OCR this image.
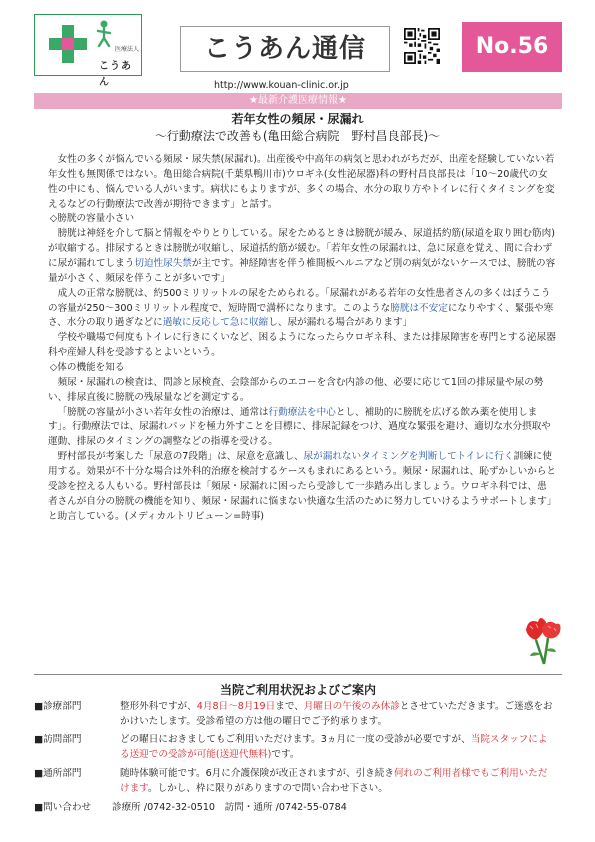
医療法人
こうあん
こうあん通信	No.56
http://www.kouan-clinic.or.jp
★最新介護医療情報★
若年女性の頻尿・尿漏れ
～行動療法で改善も(亀田総合病院　野村昌良部長)～

女性の多くが悩んでいる頻尿・尿失禁(尿漏れ)。出産後や中高年の病気と思われがちだが、出産を経験していない若年女性も無関係ではない。亀田総合病院(千葉県鴨川市)ウロギネ(女性泌尿器)科の野村昌良部長は「10～20歳代の女性の中にも、悩んでいる人がいます。病状にもよりますが、多くの場合、水分の取り方やトイレに行くタイミングを変えるなどの行動療法で改善が期待できます」と話す。

◇膀胱の容量小さい

膀胱は神経を介して脳と情報をやりとりしている。尿をためるときは膀胱が緩み、尿道括約筋(尿道を取り囲む筋肉)が収縮する。排尿するときは膀胱が収縮し、尿道括約筋が緩む。「若年女性の尿漏れは、急に尿意を覚え、間に合わずに尿が漏れてしまう切迫性尿失禁が主です。神経障害を伴う椎間板ヘルニアなど別の病気がないケースでは、膀胱の容量が小さく、頻尿を伴うことが多いです」

成人の正常な膀胱は、約500ミリリットルの尿をためられる。「尿漏れがある若年の女性患者さんの多くはぼうこうの容量が250～300ミリリットル程度で、短時間で満杯になります。このような膀胱は不安定になりやすく、緊張や寒さ、水分の取り過ぎなどに過敏に反応して急に収縮し、尿が漏れる場合があります」

学校や職場で何度もトイレに行きにくいなど、困るようになったらウロギネ科、または排尿障害を専門とする泌尿器科や産婦人科を受診するとよいという。

◇体の機能を知る

頻尿・尿漏れの検査は、問診と尿検査、会陰部からのエコーを含む内診の他、必要に応じて1回の排尿量や尿の勢い、排尿直後に膀胱の残尿量などを測定する。

「膀胱の容量が小さい若年女性の治療は、通常は行動療法を中心とし、補助的に膀胱を広げる飲み薬を使用します」。行動療法では、尿漏れパッドを極力外すことを目標に、排尿記録をつけ、過度な緊張を避け、適切な水分摂取や運動、排尿のタイミングの調整などの指導を受ける。

野村部長が考案した「尿意の7段階」は、尿意を意識し、尿が漏れないタイミングを判断してトイレに行く訓練に使用する。効果が不十分な場合は外科的治療を検討するケースもまれにあるという。頻尿・尿漏れは、恥ずかしいからと受診を控える人もいる。野村部長は「頻尿・尿漏れに困ったら受診して一歩踏み出しましょう。ウロギネ科では、患者さんが自分の膀胱の機能を知り、頻尿・尿漏れに悩まない快適な生活のために努力していけるようサポートします」と助言している。(メディカルトリビューン=時事)

当院ご利用状況およびご案内
■診療部門	整形外科ですが、4月8日～8月19日まで、月曜日の午後のみ休診とさせていただきます。ご迷惑をおかけいたします。受診希望の方は他の曜日でご予約承ります。
■訪問部門	どの曜日におきましてもご利用いただけます。3ヵ月に一度の受診が必要ですが、当院スタッフによる送迎での受診が可能(送迎代無料)です。
■通所部門	随時体験可能です。6月に介護保険が改正されますが、引き続き何れのご利用者様でもご利用いただけます。しかし、枠に限りがありますので問い合わせ下さい。
■問い合わせ	診療所 /0742-32-0510　訪問・通所 /0742-55-0784
